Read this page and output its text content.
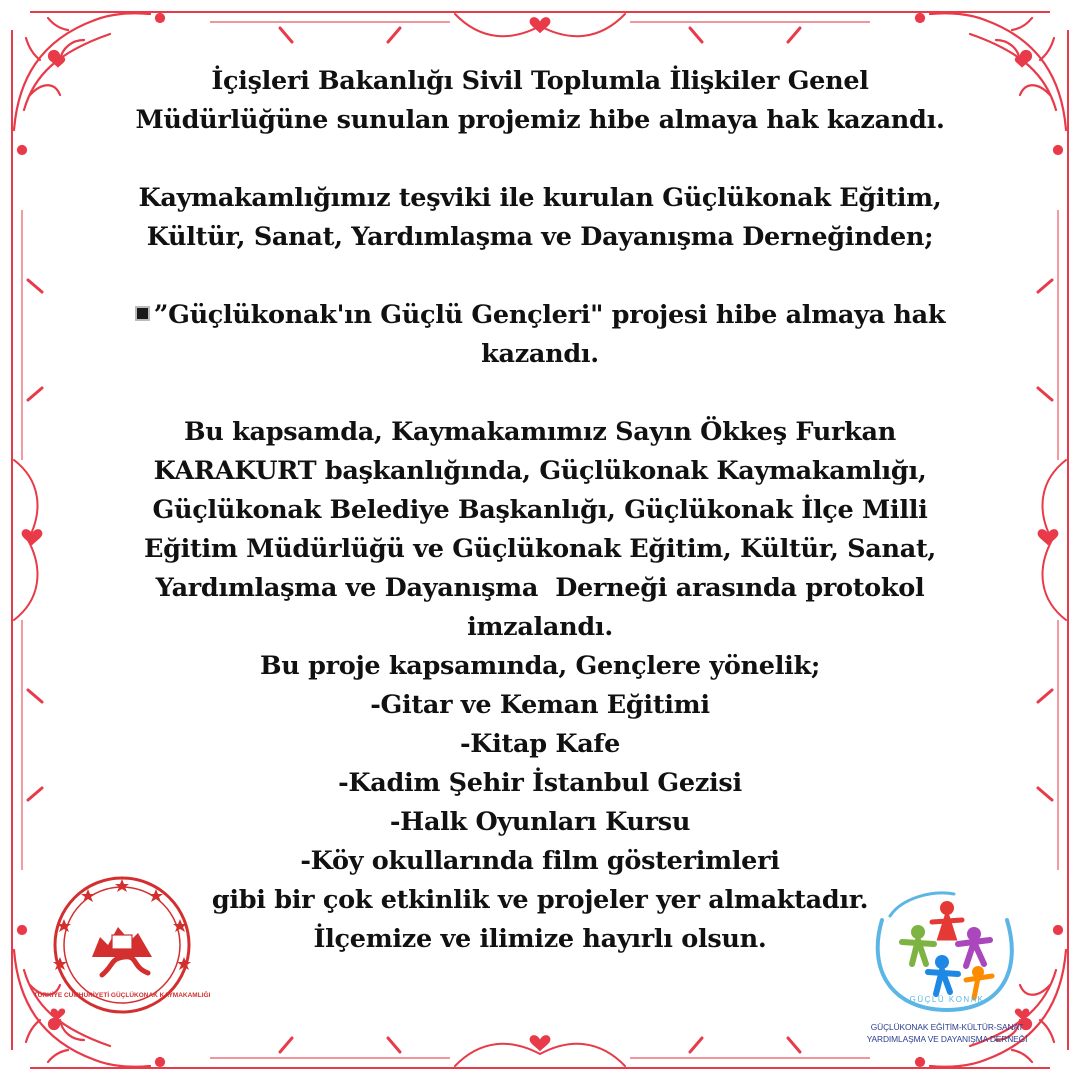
İçişleri Bakanlığı Sivil Toplumla İlişkiler Genel
Müdürlüğüne sunulan projemiz hibe almaya hak kazandı.
Kaymakamlığımız teşviki ile kurulan Güçlükonak Eğitim,
Kültür, Sanat, Yardımlaşma ve Dayanışma Derneğinden;
”Güçlükonak'ın Güçlü Gençleri" projesi hibe almaya hak
kazandı.
Bu kapsamda, Kaymakamımız Sayın Ökkeş Furkan
KARAKURT başkanlığında, Güçlükonak Kaymakamlığı,
Güçlükonak Belediye Başkanlığı, Güçlükonak İlçe Milli
Eğitim Müdürlüğü ve Güçlükonak Eğitim, Kültür, Sanat,
Yardımlaşma ve Dayanışma  Derneği arasında protokol
imzalandı.
Bu proje kapsamında, Gençlere yönelik;
-Gitar ve Keman Eğitimi
-Kitap Kafe
-Kadim Şehir İstanbul Gezisi
-Halk Oyunları Kursu
-Köy okullarında film gösterimleri
gibi bir çok etkinlik ve projeler yer almaktadır.
İlçemize ve ilimize hayırlı olsun.
TÜRKİYE CUMHURİYETİ GÜÇLÜKONAK KAYMAKAMLIĞI	GÜÇLÜ KONAK
GÜÇLÜKONAK EĞİTİM-KÜLTÜR-SANAT
YARDIMLAŞMA VE DAYANIŞMA DERNEĞİ
